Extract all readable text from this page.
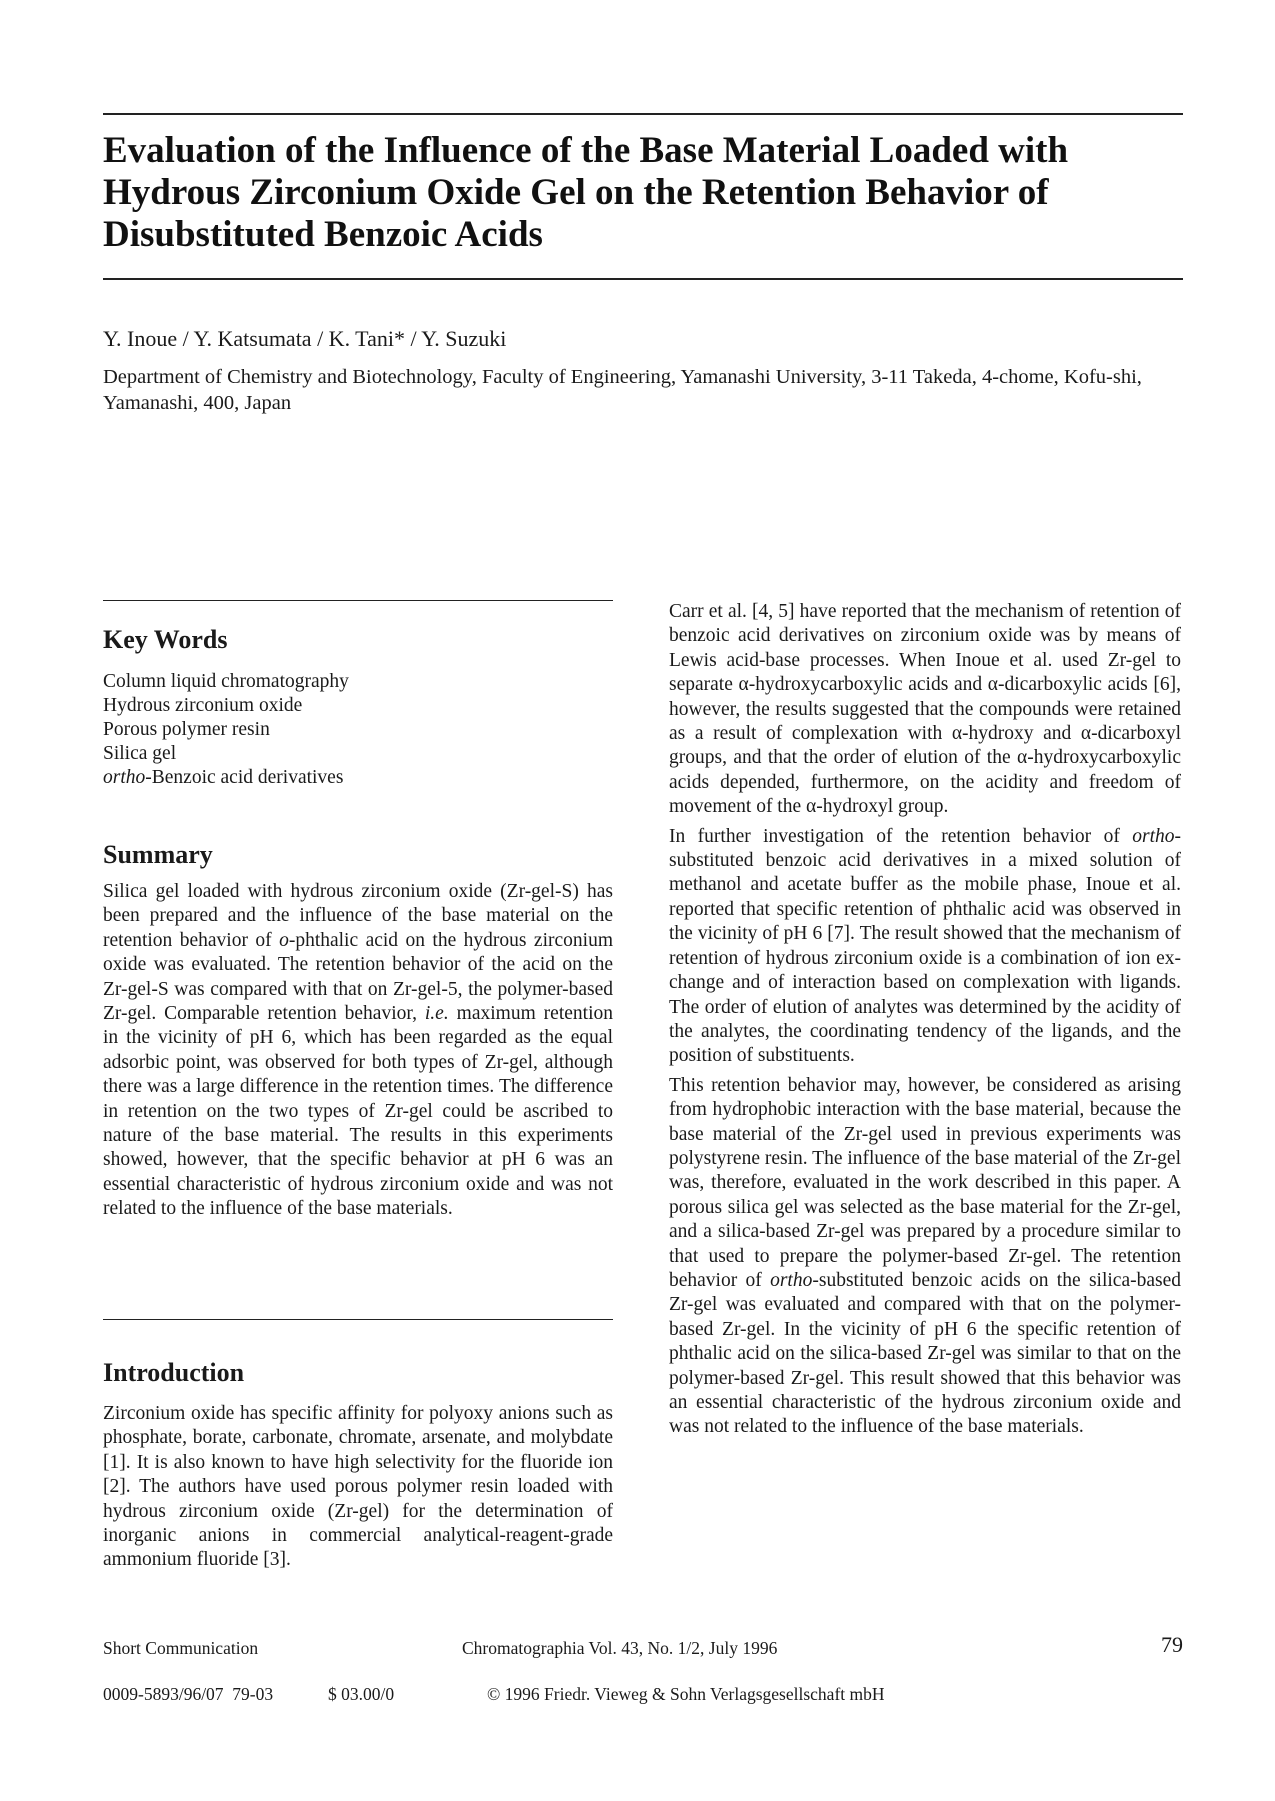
Evaluation of the Influence of the Base Material Loaded with Hydrous Zirconium Oxide Gel on the Retention Behavior of Disubstituted Benzoic Acids
Y. Inoue / Y. Katsumata / K. Tani* / Y. Suzuki
Department of Chemistry and Biotechnology, Faculty of Engineering, Yamanashi University, 3-11 Takeda, 4-chome, Kofu-shi, Yamanashi, 400, Japan
Key Words
Column liquid chromatography
Hydrous zirconium oxide
Porous polymer resin
Silica gel
ortho-Benzoic acid derivatives
Summary

Silica gel loaded with hydrous zirconium oxide (Zr-gel-S) has been prepared and the influence of the base material on the retention behavior of o-phthalic acid on the hydrous zirconium oxide was evaluated. The retention behavior of the acid on the Zr-gel-S was compared with that on Zr-gel-5, the polymer-based Zr-gel. Comparable retention behavior, i.e. maximum retention in the vicinity of pH 6, which has been regarded as the equal adsorbic point, was observed for both types of Zr-gel, although there was a large difference in the retention times. The difference in retention on the two types of Zr-gel could be ascribed to nature of the base material. The results in this experiments showed, however, that the specific behavior at pH 6 was an essential characteristic of hydrous zirconium oxide and was not related to the influence of the base materials.

Introduction

Zirconium oxide has specific affinity for polyoxy anions such as phosphate, borate, carbonate, chromate, arsenate, and molybdate [1]. It is also known to have high selectivity for the fluoride ion [2]. The authors have used porous polymer resin loaded with hydrous zirconium oxide (Zr-gel) for the determination of inorganic anions in commercial analytical-reagent-grade ammonium fluoride [3].

Carr et al. [4, 5] have reported that the mechanism of retention of benzoic acid derivatives on zirconium oxide was by means of Lewis acid-base processes. When Inoue et al. used Zr-gel to separate α-hydroxycarboxylic acids and α-dicarboxylic acids [6], however, the results suggested that the compounds were retained as a result of complexation with α-hydroxy and α-dicarboxyl groups, and that the order of elution of the α-hydroxycarboxylic acids depended, furthermore, on the acidity and freedom of movement of the α-hydroxyl group.

In further investigation of the retention behavior of ortho-substituted benzoic acid derivatives in a mixed solution of methanol and acetate buffer as the mobile phase, Inoue et al. reported that specific retention of phthalic acid was observed in the vicinity of pH 6 [7]. The result showed that the mechanism of retention of hydrous zirconium oxide is a combination of ion exchange and of interaction based on complexation with ligands. The order of elution of analytes was determined by the acidity of the analytes, the coordinating tendency of the ligands, and the position of substituents.

This retention behavior may, however, be considered as arising from hydrophobic interaction with the base material, because the base material of the Zr-gel used in previous experiments was polystyrene resin. The influence of the base material of the Zr-gel was, therefore, evaluated in the work described in this paper. A porous silica gel was selected as the base material for the Zr-gel, and a silica-based Zr-gel was prepared by a procedure similar to that used to prepare the polymer-based Zr-gel. The retention behavior of ortho-substituted benzoic acids on the silica-based Zr-gel was evaluated and compared with that on the polymer-based Zr-gel. In the vicinity of pH 6 the specific retention of phthalic acid on the silica-based Zr-gel was similar to that on the polymer-based Zr-gel. This result showed that this behavior was an essential characteristic of the hydrous zirconium oxide and was not related to the influence of the base materials.

Short Communication	Chromatographia Vol. 43, No. 1/2, July 1996	79
0009-5893/96/07  79-03	$ 03.00/0	© 1996 Friedr. Vieweg & Sohn Verlagsgesellschaft mbH
